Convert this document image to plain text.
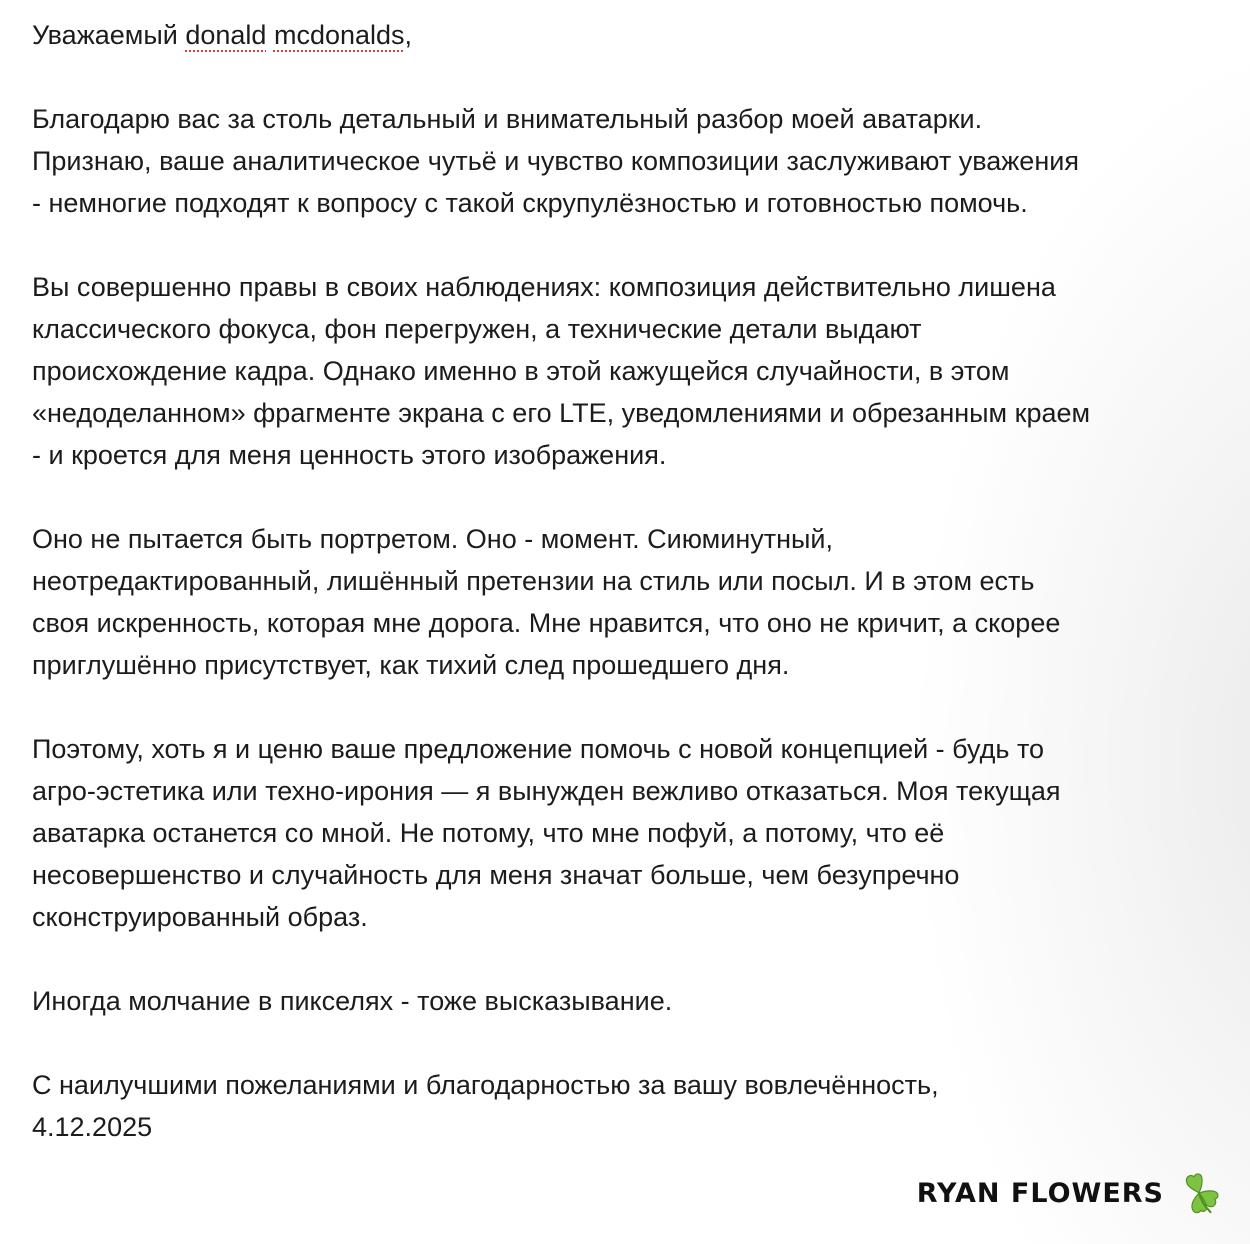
Уважаемый donald mcdonalds,

Благодарю вас за столь детальный и внимательный разбор моей аватарки.
Признаю, ваше аналитическое чутьё и чувство композиции заслуживают уважения
- немногие подходят к вопросу с такой скрупулёзностью и готовностью помочь.

Вы совершенно правы в своих наблюдениях: композиция действительно лишена
классического фокуса, фон перегружен, а технические детали выдают
происхождение кадра. Однако именно в этой кажущейся случайности, в этом
«недоделанном» фрагменте экрана с его LTE, уведомлениями и обрезанным краем
- и кроется для меня ценность этого изображения.

Оно не пытается быть портретом. Оно - момент. Сиюминутный,
неотредактированный, лишённый претензии на стиль или посыл. И в этом есть
своя искренность, которая мне дорога. Мне нравится, что оно не кричит, а скорее
приглушённо присутствует, как тихий след прошедшего дня.

Поэтому, хоть я и ценю ваше предложение помочь с новой концепцией - будь то
агро-эстетика или техно-ирония — я вынужден вежливо отказаться. Моя текущая
аватарка останется со мной. Не потому, что мне пофуй, а потому, что её
несовершенство и случайность для меня значат больше, чем безупречно
сконструированный образ.

Иногда молчание в пикселях - тоже высказывание.

С наилучшими пожеланиями и благодарностью за вашу вовлечённость,
4.12.2025

RYAN FLOWERS
